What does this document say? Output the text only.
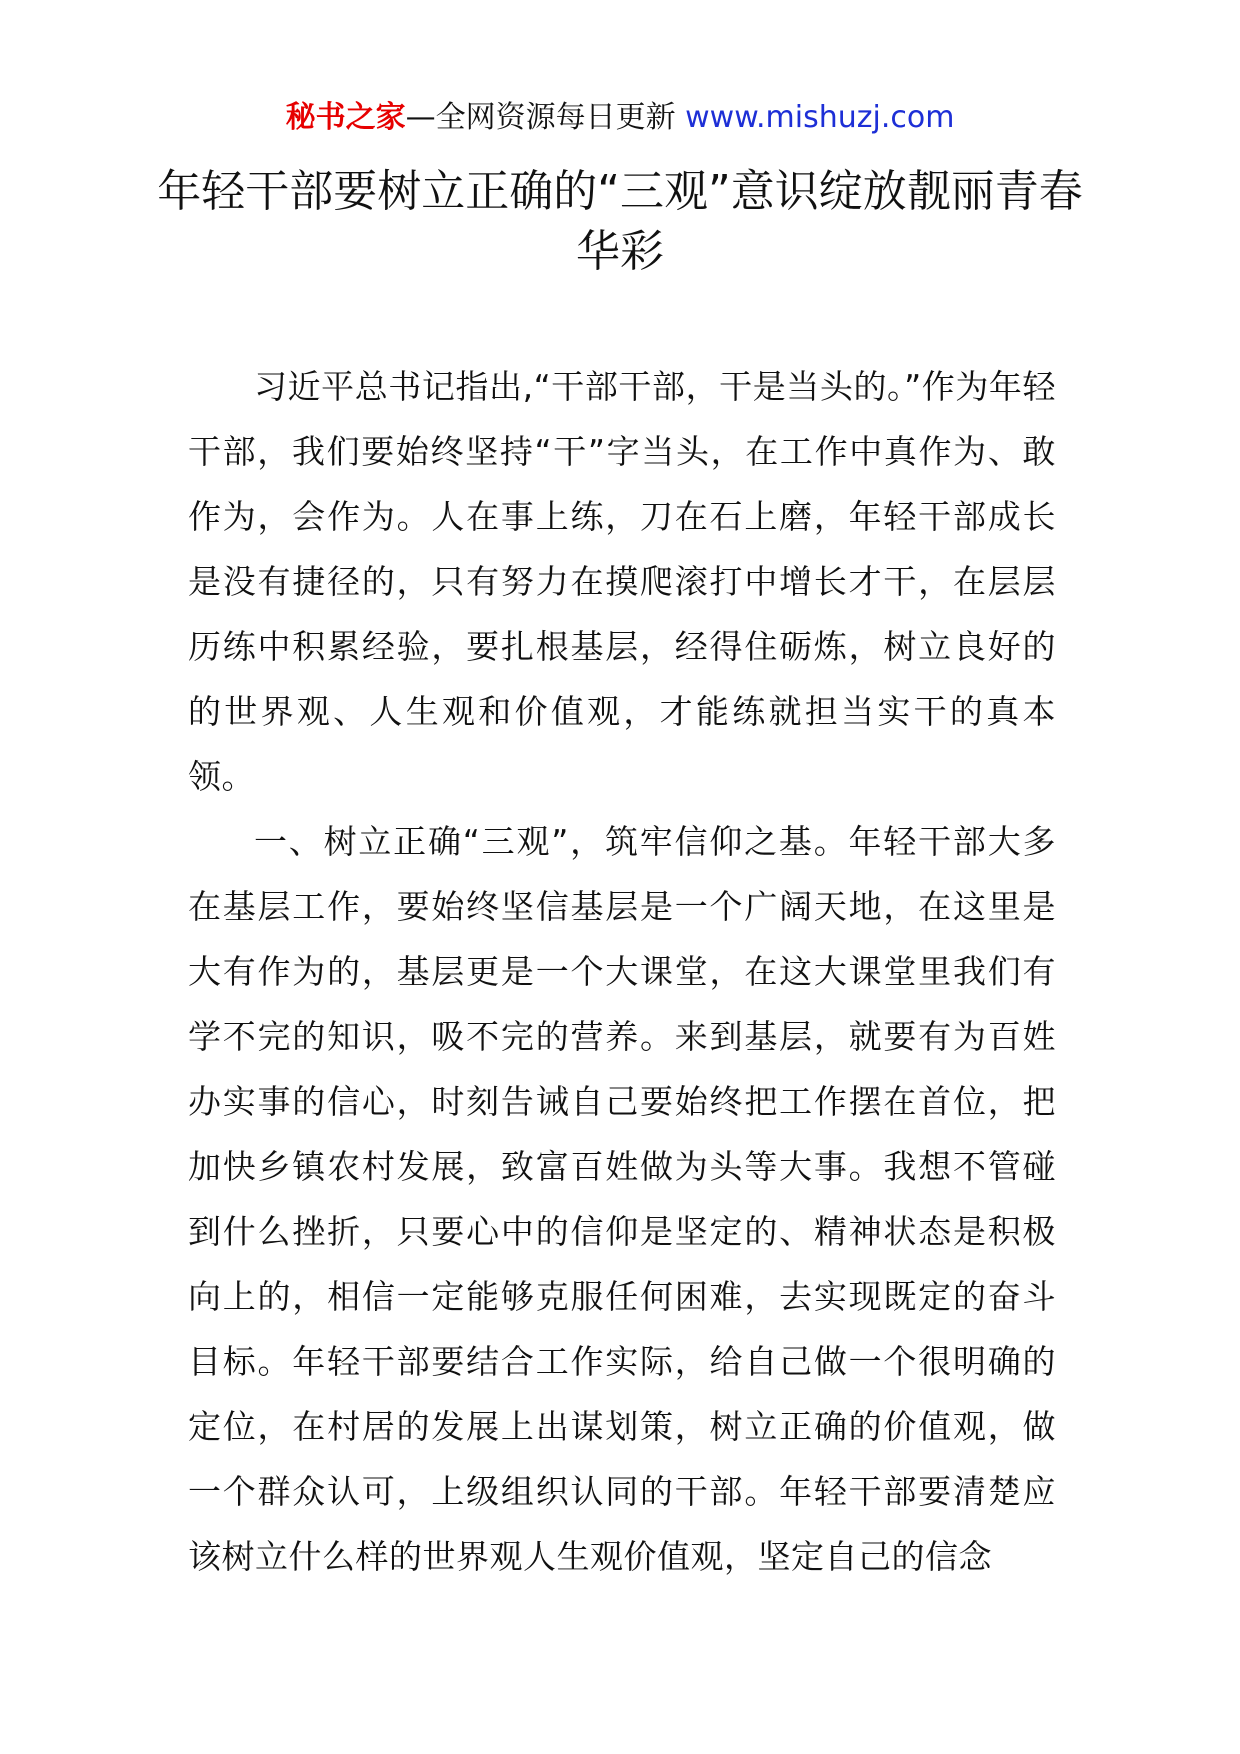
秘书之家—全网资源每日更新 www.mishuzj.com
年轻干部要树立正确的“三观”意识绽放靓丽青春华彩

习近平总书记指出,“干部干部，干是当头的。”作为年轻干部，我们要始终坚持“干”字当头，在工作中真作为、敢作为，会作为。人在事上练，刀在石上磨，年轻干部成长是没有捷径的，只有努力在摸爬滚打中增长才干，在层层历练中积累经验，要扎根基层，经得住砺炼，树立良好的的世界观、人生观和价值观，才能练就担当实干的真本领。

一、树立正确“三观”，筑牢信仰之基。年轻干部大多在基层工作，要始终坚信基层是一个广阔天地，在这里是大有作为的，基层更是一个大课堂，在这大课堂里我们有学不完的知识，吸不完的营养。来到基层，就要有为百姓办实事的信心，时刻告诫自己要始终把工作摆在首位，把加快乡镇农村发展，致富百姓做为头等大事。我想不管碰到什么挫折，只要心中的信仰是坚定的、精神状态是积极向上的，相信一定能够克服任何困难，去实现既定的奋斗目标。年轻干部要结合工作实际，给自己做一个很明确的定位，在村居的发展上出谋划策，树立正确的价值观，做一个群众认可，上级组织认同的干部。年轻干部要清楚应该树立什么样的世界观人生观价值观，坚定自己的信念
